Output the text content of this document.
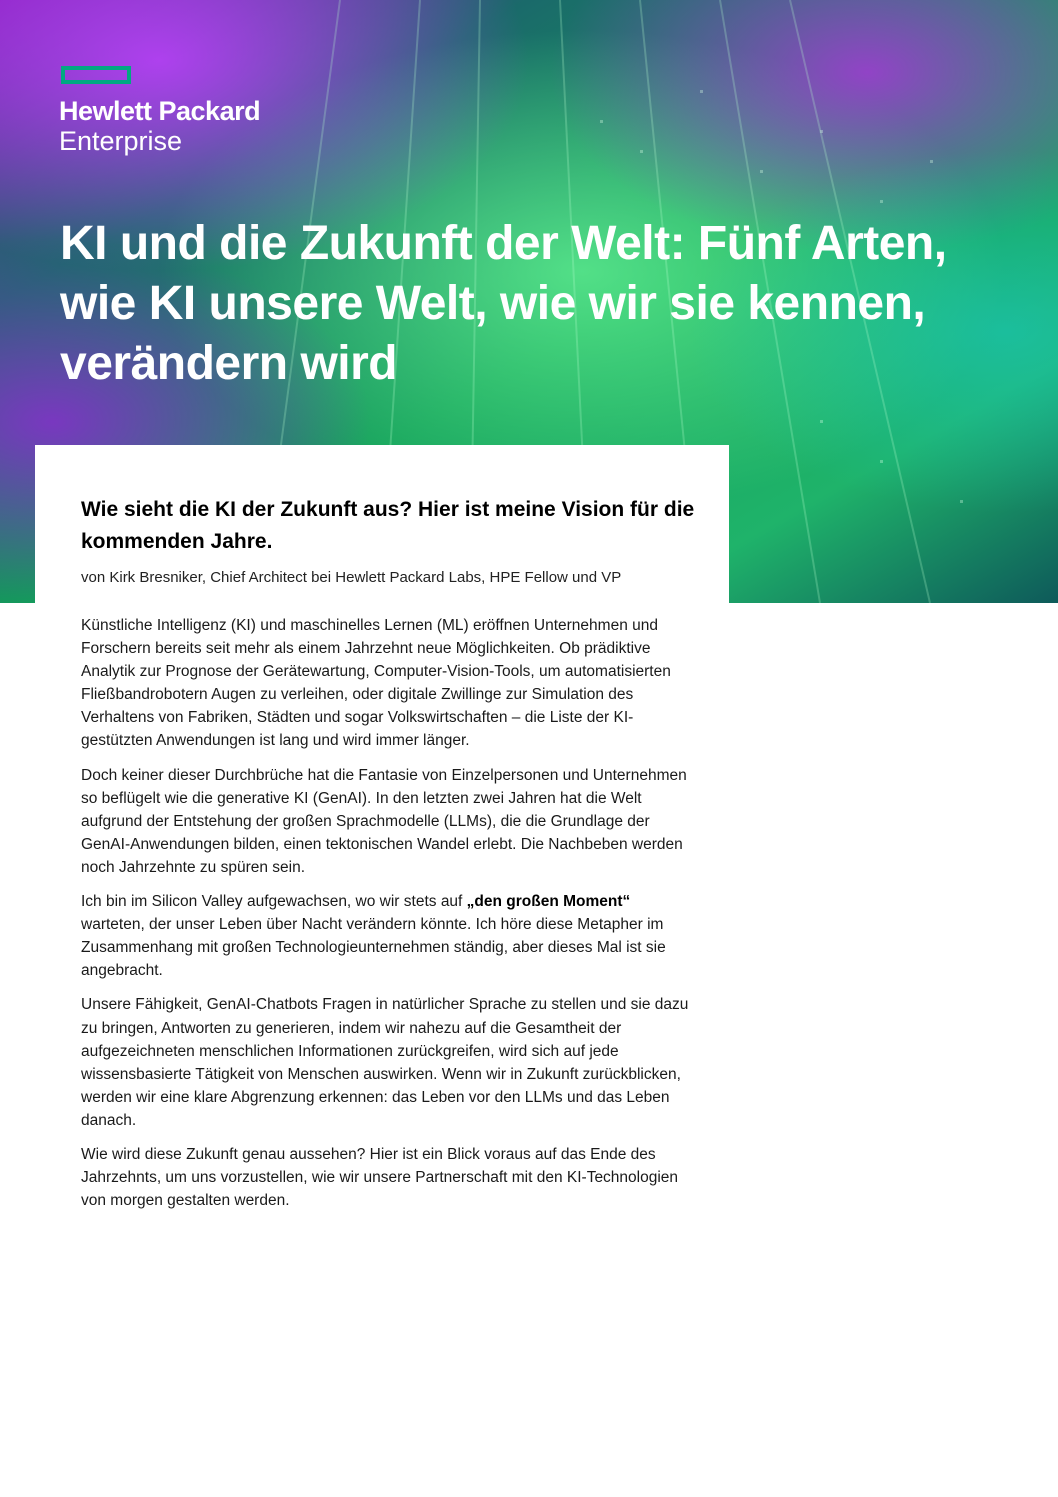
Hewlett Packard
Enterprise
KI und die Zukunft der Welt: Fünf Arten, wie KI unsere Welt, wie wir sie kennen, verändern wird
Wie sieht die KI der Zukunft aus? Hier ist meine Vision für die kommenden Jahre.
von Kirk Bresniker, Chief Architect bei Hewlett Packard Labs, HPE Fellow und VP

Künstliche Intelligenz (KI) und maschinelles Lernen (ML) eröffnen Unternehmen und Forschern bereits seit mehr als einem Jahrzehnt neue Möglichkeiten. Ob prädiktive Analytik zur Prognose der Gerätewartung, Computer-Vision-Tools, um automatisierten Fließbandrobotern Augen zu verleihen, oder digitale Zwillinge zur Simulation des Verhaltens von Fabriken, Städten und sogar Volkswirtschaften – die Liste der KI-gestützten Anwendungen ist lang und wird immer länger.

Doch keiner dieser Durchbrüche hat die Fantasie von Einzelpersonen und Unternehmen so beflügelt wie die generative KI (GenAI). In den letzten zwei Jahren hat die Welt aufgrund der Entstehung der großen Sprachmodelle (LLMs), die die Grundlage der GenAI-Anwendungen bilden, einen tektonischen Wandel erlebt. Die Nachbeben werden noch Jahrzehnte zu spüren sein.

Ich bin im Silicon Valley aufgewachsen, wo wir stets auf „den großen Moment“ warteten, der unser Leben über Nacht verändern könnte. Ich höre diese Metapher im Zusammenhang mit großen Technologieunternehmen ständig, aber dieses Mal ist sie angebracht.

Unsere Fähigkeit, GenAI-Chatbots Fragen in natürlicher Sprache zu stellen und sie dazu zu bringen, Antworten zu generieren, indem wir nahezu auf die Gesamtheit der aufgezeichneten menschlichen Informationen zurückgreifen, wird sich auf jede wissensbasierte Tätigkeit von Menschen auswirken. Wenn wir in Zukunft zurückblicken, werden wir eine klare Abgrenzung erkennen: das Leben vor den LLMs und das Leben danach.

Wie wird diese Zukunft genau aussehen? Hier ist ein Blick voraus auf das Ende des Jahrzehnts, um uns vorzustellen, wie wir unsere Partnerschaft mit den KI-Technologien von morgen gestalten werden.
